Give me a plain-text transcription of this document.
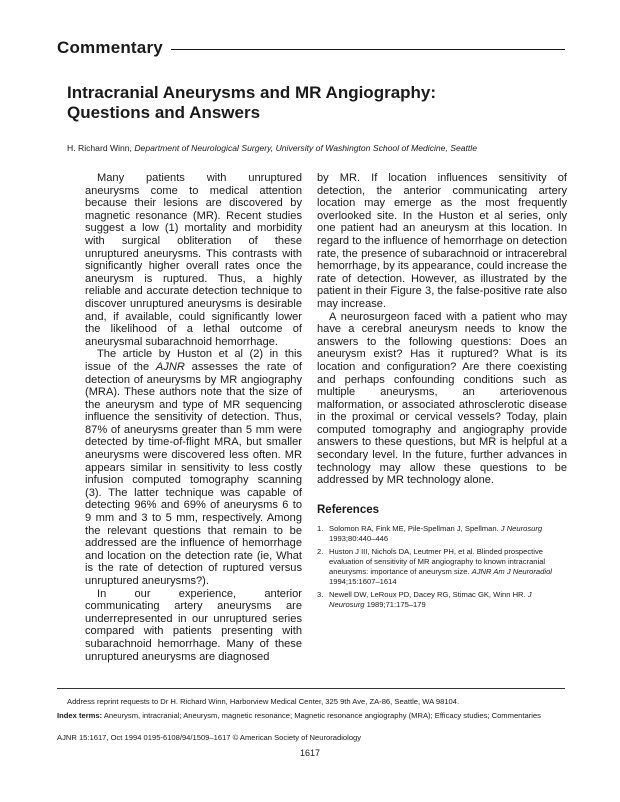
Commentary
Intracranial Aneurysms and MR Angiography:
Questions and Answers
H. Richard Winn, Department of Neurological Surgery, University of Washington School of Medicine, Seattle

Many patients with unruptured aneurysms come to medical attention because their lesions are discovered by magnetic resonance (MR). Recent studies suggest a low (1) mortality and morbidity with surgical obliteration of these unruptured aneurysms. This contrasts with significantly higher overall rates once the aneurysm is ruptured. Thus, a highly reliable and accurate detection technique to discover unruptured aneurysms is desirable and, if available, could significantly lower the likelihood of a lethal outcome of aneurysmal subarachnoid hemorrhage.

The article by Huston et al (2) in this issue of the AJNR assesses the rate of detection of aneurysms by MR angiography (MRA). These authors note that the size of the aneurysm and type of MR sequencing influence the sensitivity of detection. Thus, 87% of aneurysms greater than 5 mm were detected by time-of-flight MRA, but smaller aneurysms were discovered less often. MR appears similar in sensitivity to less costly infusion computed tomography scanning (3). The latter technique was capable of detecting 96% and 69% of aneurysms 6 to 9 mm and 3 to 5 mm, respectively. Among the relevant questions that remain to be addressed are the influence of hemorrhage and location on the detection rate (ie, What is the rate of detection of ruptured versus unruptured aneurysms?).

In our experience, anterior communicating artery aneurysms are underrepresented in our unruptured series compared with patients presenting with subarachnoid hemorrhage. Many of these unruptured aneurysms are diagnosed

by MR. If location influences sensitivity of detection, the anterior communicating artery location may emerge as the most frequently overlooked site. In the Huston et al series, only one patient had an aneurysm at this location. In regard to the influence of hemorrhage on detection rate, the presence of subarachnoid or intracerebral hemorrhage, by its appearance, could increase the rate of detection. However, as illustrated by the patient in their Figure 3, the false-positive rate also may increase.

A neurosurgeon faced with a patient who may have a cerebral aneurysm needs to know the answers to the following questions: Does an aneurysm exist? Has it ruptured? What is its location and configuration? Are there coexisting and perhaps confounding conditions such as multiple aneurysms, an arteriovenous malformation, or associated athrosclerotic disease in the proximal or cervical vessels? Today, plain computed tomography and angiography provide answers to these questions, but MR is helpful at a secondary level. In the future, further advances in technology may allow these questions to be addressed by MR technology alone.

References
1. Solomon RA, Fink ME, Pile-Spellman J, Spellman. J Neurosurg 1993;80:440–446
2. Huston J III, Nichols DA, Leutmer PH, et al. Blinded prospective evaluation of sensitivity of MR angiography to known intracranial aneurysms: importance of aneurysm size. AJNR Am J Neuroradiol 1994;15:1607–1614
3. Newell DW, LeRoux PD, Dacey RG, Stimac GK, Winn HR. J Neurosurg 1989;71:175–179
Address reprint requests to Dr H. Richard Winn, Harborview Medical Center, 325 9th Ave, ZA-86, Seattle, WA 98104.
Index terms: Aneurysm, intracranial; Aneurysm, magnetic resonance; Magnetic resonance angiography (MRA); Efficacy studies; Commentaries
AJNR 15:1617, Oct 1994 0195-6108/94/1509–1617 © American Society of Neuroradiology
1617
